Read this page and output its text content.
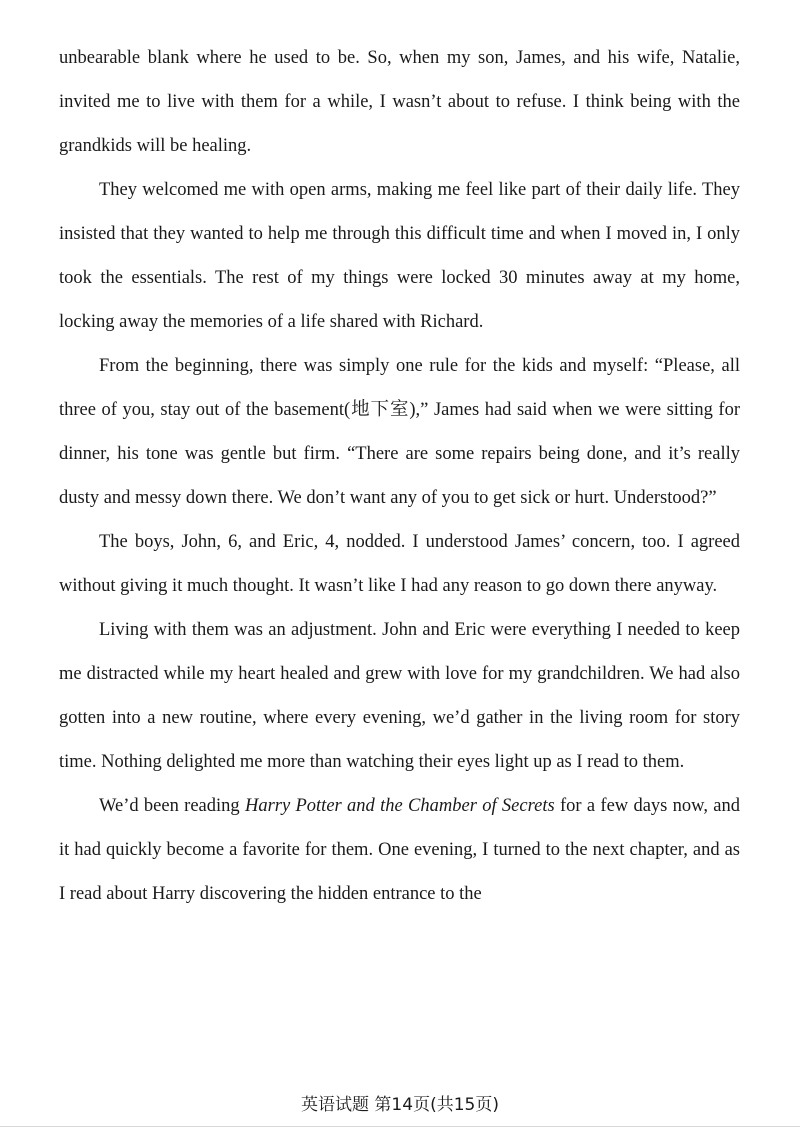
unbearable blank where he used to be. So, when my son, James, and his wife, Natalie, invited me to live with them for a while, I wasn’t about to refuse. I think being with the grandkids will be healing.

They welcomed me with open arms, making me feel like part of their daily life. They insisted that they wanted to help me through this difficult time and when I moved in, I only took the essentials. The rest of my things were locked 30 minutes away at my home, locking away the memories of a life shared with Richard.

From the beginning, there was simply one rule for the kids and myself: “Please, all three of you, stay out of the basement(地下室),” James had said when we were sitting for dinner, his tone was gentle but firm. “There are some repairs being done, and it’s really dusty and messy down there. We don’t want any of you to get sick or hurt. Understood?”

The boys, John, 6, and Eric, 4, nodded. I understood James’ concern, too. I agreed without giving it much thought. It wasn’t like I had any reason to go down there anyway.

Living with them was an adjustment. John and Eric were everything I needed to keep me distracted while my heart healed and grew with love for my grandchildren. We had also gotten into a new routine, where every evening, we’d gather in the living room for story time. Nothing delighted me more than watching their eyes light up as I read to them.

We’d been reading Harry Potter and the Chamber of Secrets for a few days now, and it had quickly become a favorite for them. One evening, I turned to the next chapter, and as I read about Harry discovering the hidden entrance to the

英语试题 第14页(共15页)
